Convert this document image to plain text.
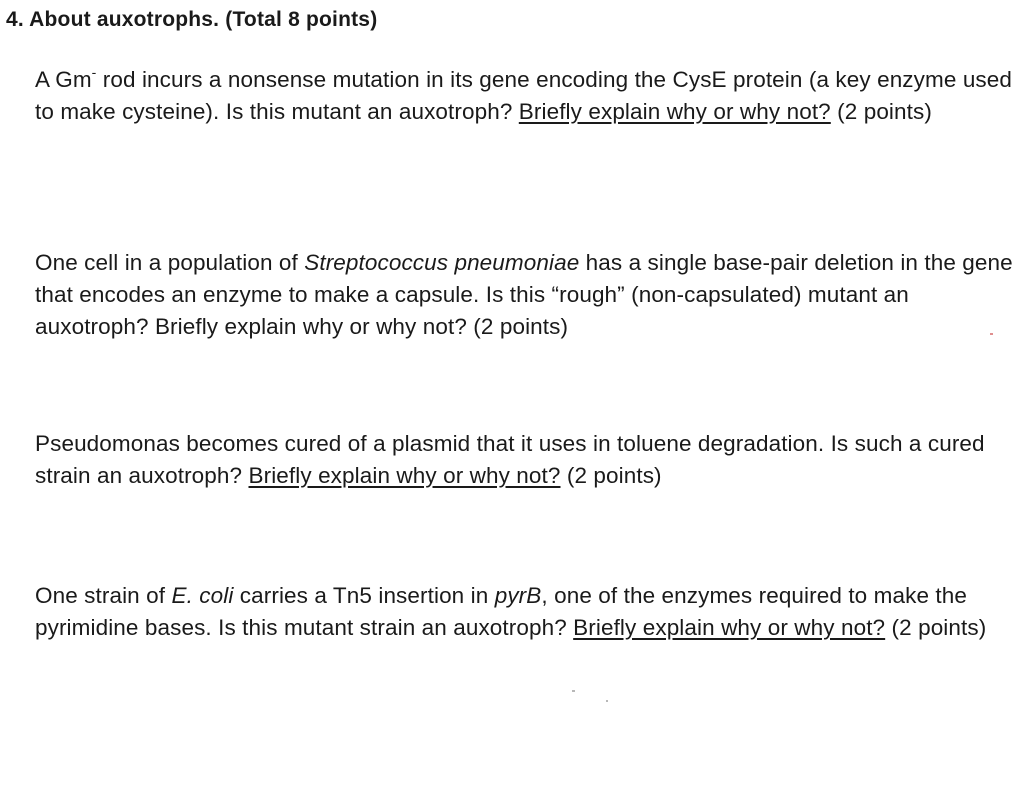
4. About auxotrophs. (Total 8 points)

A Gm- rod incurs a nonsense mutation in its gene encoding the CysE protein (a key enzyme used to make cysteine). Is this mutant an auxotroph? Briefly explain why or why not? (2 points)

One cell in a population of Streptococcus pneumoniae has a single base-pair deletion in the gene that encodes an enzyme to make a capsule. Is this “rough” (non-capsulated) mutant an auxotroph? Briefly explain why or why not? (2 points)

Pseudomonas becomes cured of a plasmid that it uses in toluene degradation. Is such a cured strain an auxotroph? Briefly explain why or why not? (2 points)

One strain of E. coli carries a Tn5 insertion in pyrB, one of the enzymes required to make the pyrimidine bases. Is this mutant strain an auxotroph? Briefly explain why or why not? (2 points)
